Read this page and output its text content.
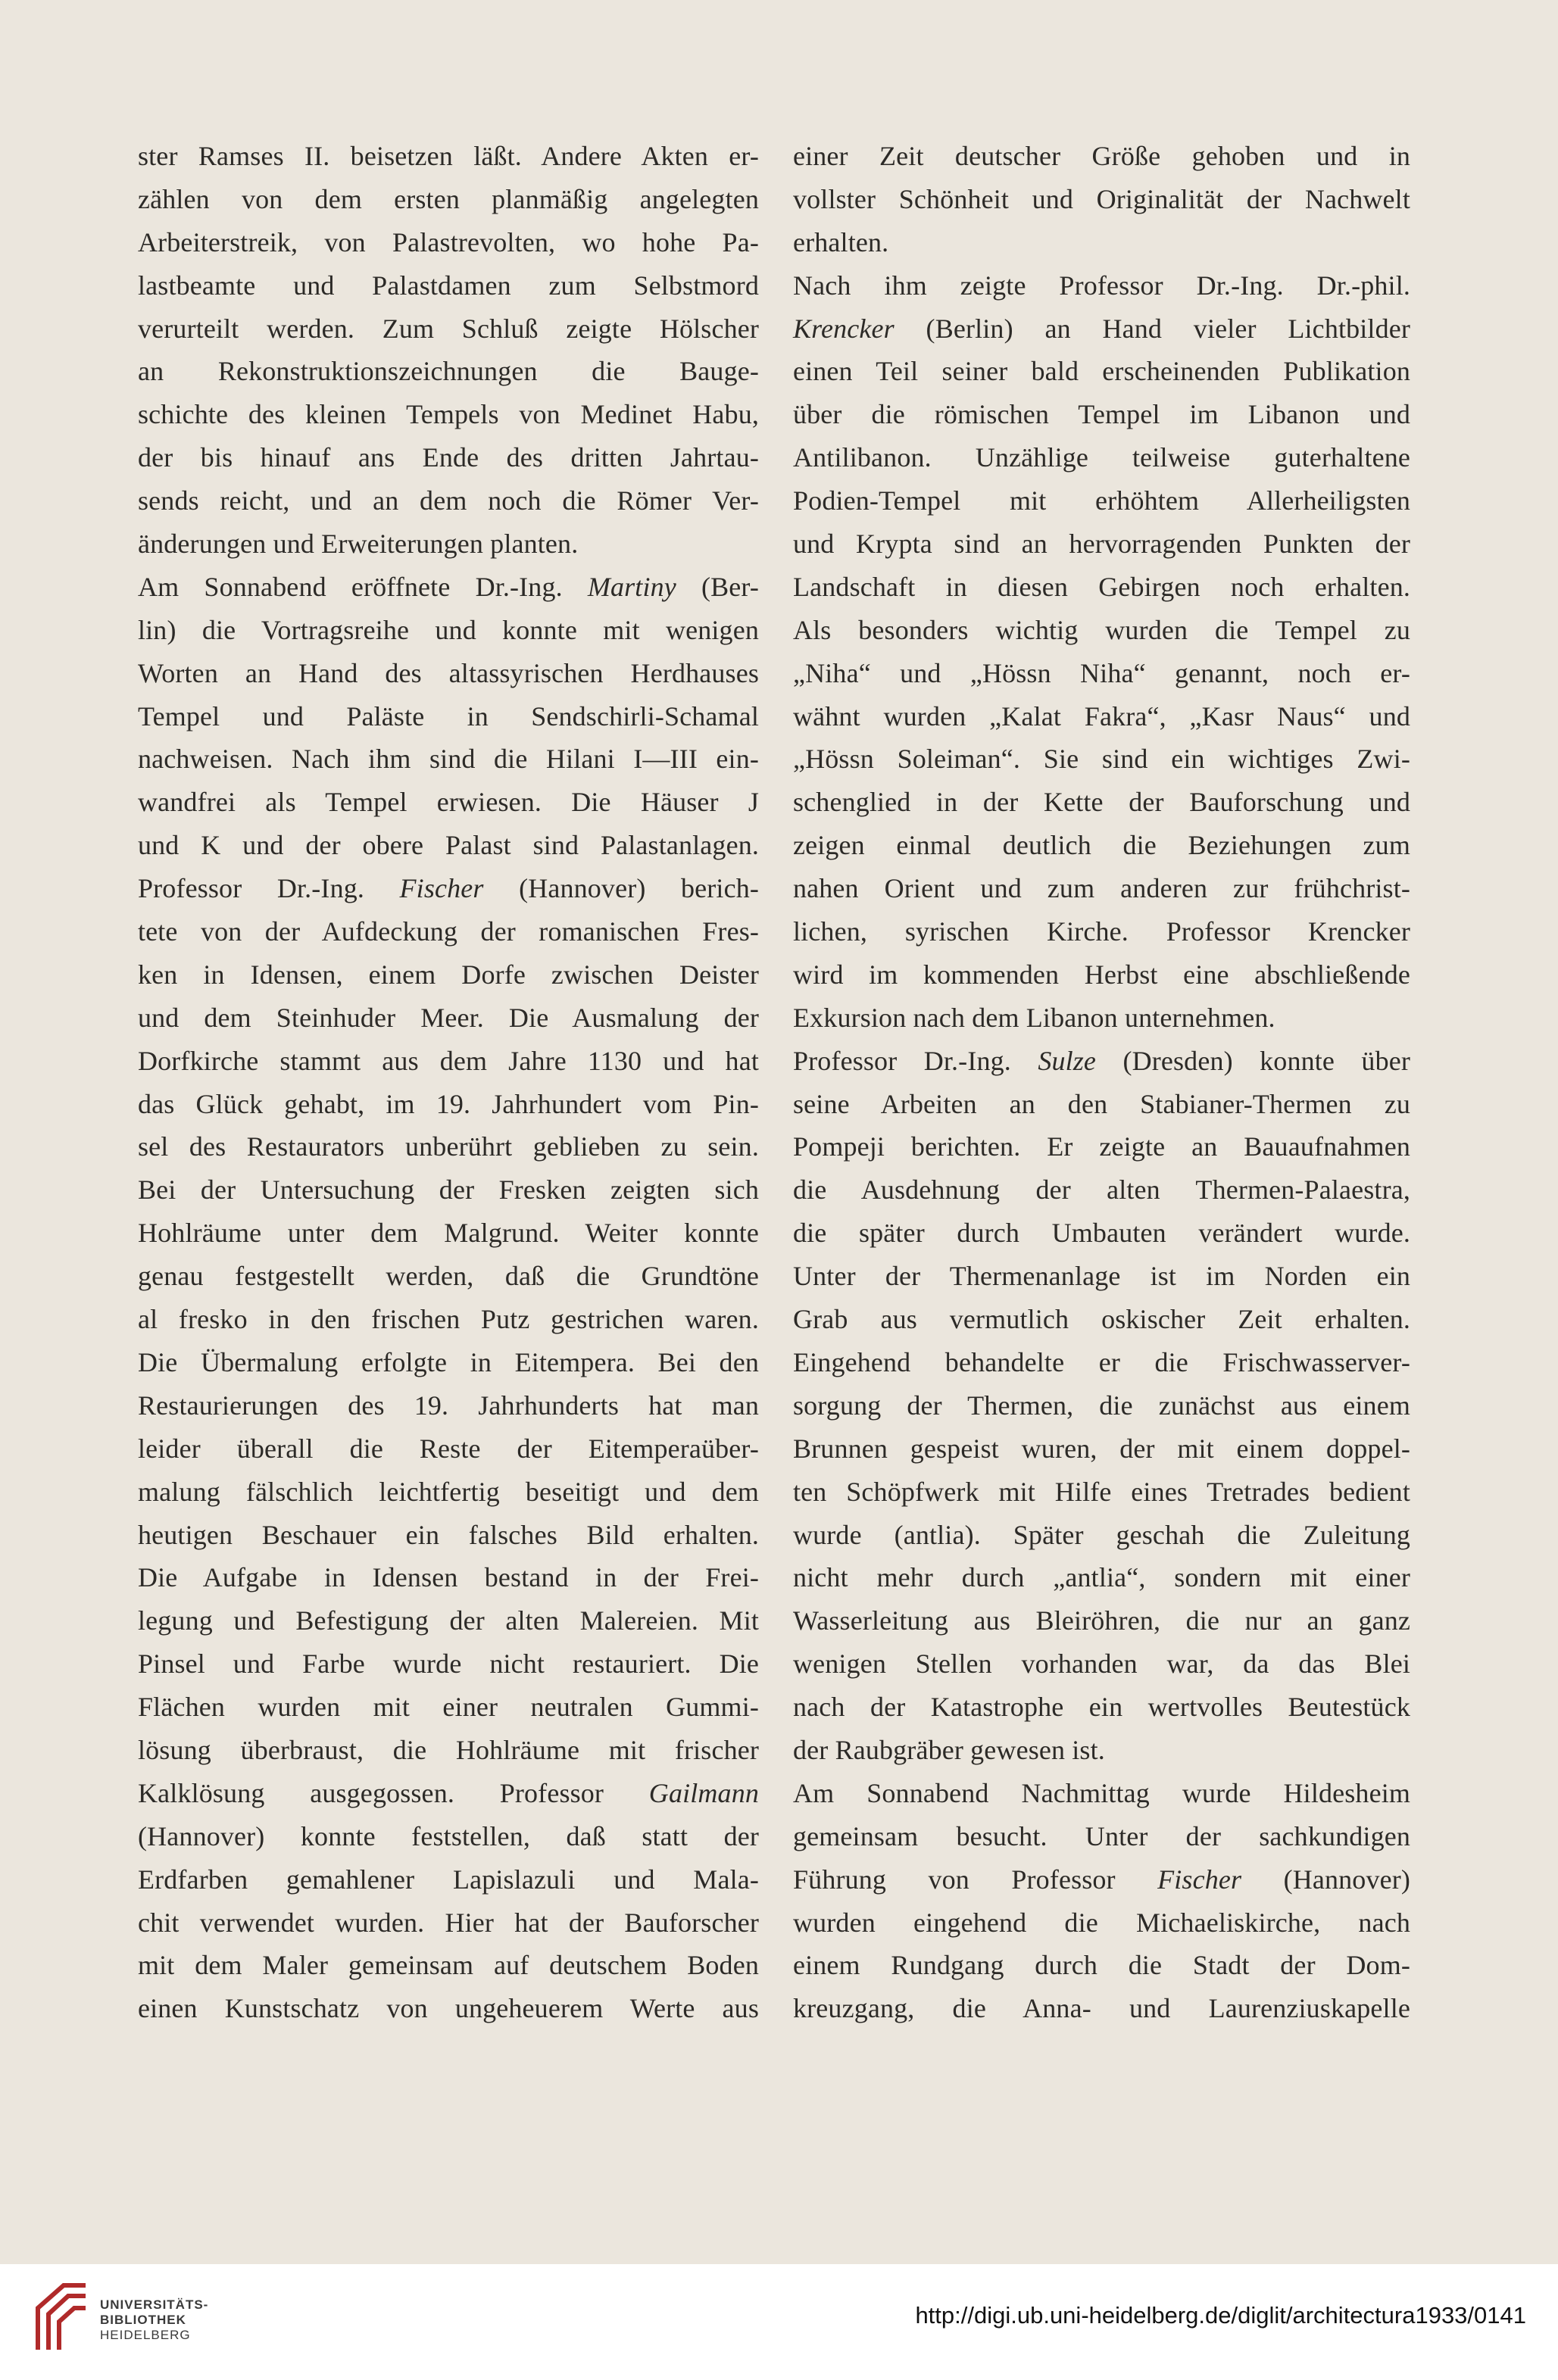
ster Ramses II. beisetzen läßt. Andere Akten er-
zählen von dem ersten planmäßig angelegten
Arbeiterstreik, von Palastrevolten, wo hohe Pa-
lastbeamte und Palastdamen zum Selbstmord
verurteilt werden. Zum Schluß zeigte Hölscher
an Rekonstruktionszeichnungen die Bauge-
schichte des kleinen Tempels von Medinet Habu,
der bis hinauf ans Ende des dritten Jahrtau-
sends reicht, und an dem noch die Römer Ver-
änderungen und Erweiterungen planten.
Am Sonnabend eröffnete Dr.-Ing. Martiny (Ber-
lin) die Vortragsreihe und konnte mit wenigen
Worten an Hand des altassyrischen Herdhauses
Tempel und Paläste in Sendschirli-Schamal
nachweisen. Nach ihm sind die Hilani I—III ein-
wandfrei als Tempel erwiesen. Die Häuser J
und K und der obere Palast sind Palastanlagen.
Professor Dr.-Ing. Fischer (Hannover) berich-
tete von der Aufdeckung der romanischen Fres-
ken in Idensen, einem Dorfe zwischen Deister
und dem Steinhuder Meer. Die Ausmalung der
Dorfkirche stammt aus dem Jahre 1130 und hat
das Glück gehabt, im 19. Jahrhundert vom Pin-
sel des Restaurators unberührt geblieben zu sein.
Bei der Untersuchung der Fresken zeigten sich
Hohlräume unter dem Malgrund. Weiter konnte
genau festgestellt werden, daß die Grundtöne
al fresko in den frischen Putz gestrichen waren.
Die Übermalung erfolgte in Eitempera. Bei den
Restaurierungen des 19. Jahrhunderts hat man
leider überall die Reste der Eitemperaüber-
malung fälschlich leichtfertig beseitigt und dem
heutigen Beschauer ein falsches Bild erhalten.
Die Aufgabe in Idensen bestand in der Frei-
legung und Befestigung der alten Malereien. Mit
Pinsel und Farbe wurde nicht restauriert. Die
Flächen wurden mit einer neutralen Gummi-
lösung überbraust, die Hohlräume mit frischer
Kalklösung ausgegossen. Professor Gailmann
(Hannover) konnte feststellen, daß statt der
Erdfarben gemahlener Lapislazuli und Mala-
chit verwendet wurden. Hier hat der Bauforscher
mit dem Maler gemeinsam auf deutschem Boden
einen Kunstschatz von ungeheuerem Werte aus
einer Zeit deutscher Größe gehoben und in
vollster Schönheit und Originalität der Nachwelt
erhalten.
Nach ihm zeigte Professor Dr.-Ing. Dr.-phil.
Krencker (Berlin) an Hand vieler Lichtbilder
einen Teil seiner bald erscheinenden Publikation
über die römischen Tempel im Libanon und
Antilibanon. Unzählige teilweise guterhaltene
Podien-Tempel mit erhöhtem Allerheiligsten
und Krypta sind an hervorragenden Punkten der
Landschaft in diesen Gebirgen noch erhalten.
Als besonders wichtig wurden die Tempel zu
„Niha“ und „Hössn Niha“ genannt, noch er-
wähnt wurden „Kalat Fakra“, „Kasr Naus“ und
„Hössn Soleiman“. Sie sind ein wichtiges Zwi-
schenglied in der Kette der Bauforschung und
zeigen einmal deutlich die Beziehungen zum
nahen Orient und zum anderen zur frühchrist-
lichen, syrischen Kirche. Professor Krencker
wird im kommenden Herbst eine abschließende
Exkursion nach dem Libanon unternehmen.
Professor Dr.-Ing. Sulze (Dresden) konnte über
seine Arbeiten an den Stabianer-Thermen zu
Pompeji berichten. Er zeigte an Bauaufnahmen
die Ausdehnung der alten Thermen-Palaestra,
die später durch Umbauten verändert wurde.
Unter der Thermenanlage ist im Norden ein
Grab aus vermutlich oskischer Zeit erhalten.
Eingehend behandelte er die Frischwasserver-
sorgung der Thermen, die zunächst aus einem
Brunnen gespeist wuren, der mit einem doppel-
ten Schöpfwerk mit Hilfe eines Tretrades bedient
wurde (antlia). Später geschah die Zuleitung
nicht mehr durch „antlia“, sondern mit einer
Wasserleitung aus Bleiröhren, die nur an ganz
wenigen Stellen vorhanden war, da das Blei
nach der Katastrophe ein wertvolles Beutestück
der Raubgräber gewesen ist.
Am Sonnabend Nachmittag wurde Hildesheim
gemeinsam besucht. Unter der sachkundigen
Führung von Professor Fischer (Hannover)
wurden eingehend die Michaeliskirche, nach
einem Rundgang durch die Stadt der Dom-
kreuzgang, die Anna- und Laurenziuskapelle
UNIVERSITÄTS-
BIBLIOTHEK
HEIDELBERG
http://digi.ub.uni-heidelberg.de/diglit/architectura1933/0141
